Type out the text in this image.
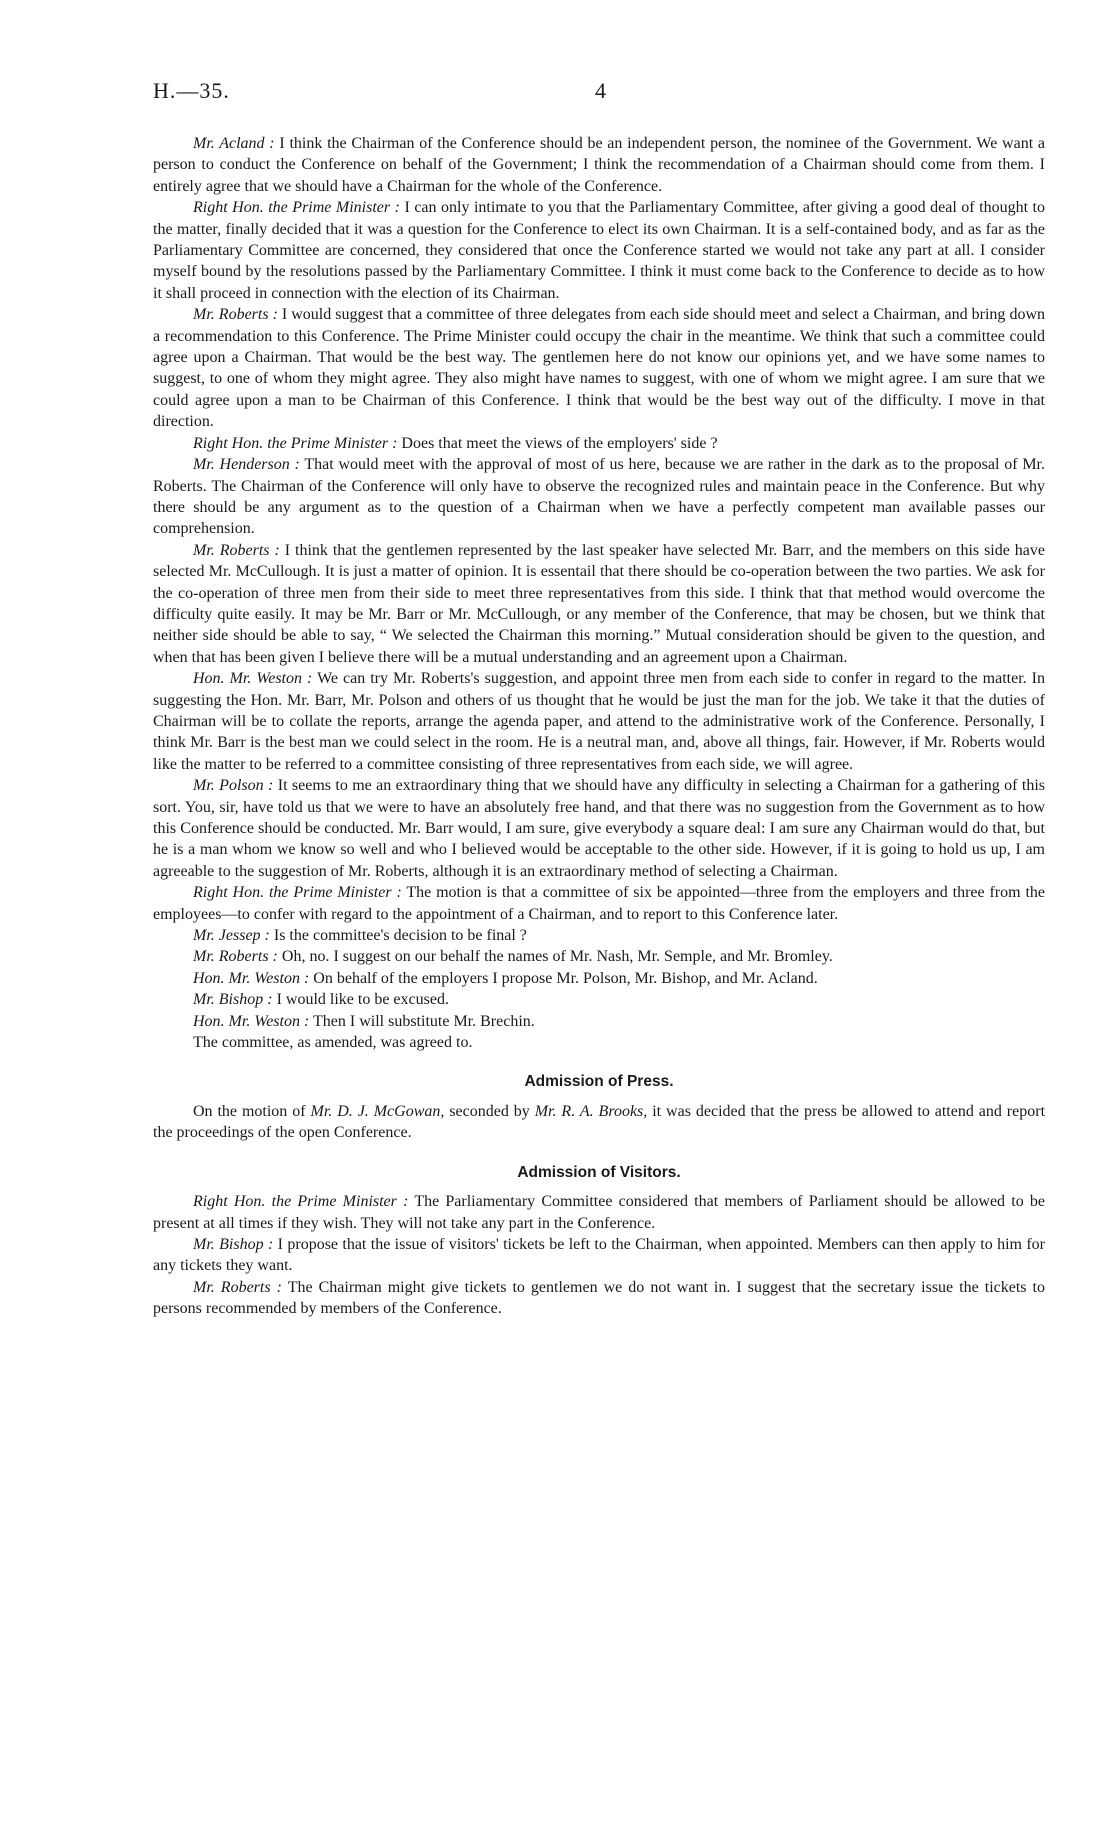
H.—35.	4

Mr. Acland : I think the Chairman of the Conference should be an independent person, the nominee of the Government. We want a person to conduct the Conference on behalf of the Government; I think the recommendation of a Chairman should come from them. I entirely agree that we should have a Chairman for the whole of the Conference.

Right Hon. the Prime Minister : I can only intimate to you that the Parliamentary Committee, after giving a good deal of thought to the matter, finally decided that it was a question for the Conference to elect its own Chairman. It is a self-contained body, and as far as the Parliamentary Committee are concerned, they considered that once the Conference started we would not take any part at all. I consider myself bound by the resolutions passed by the Parliamentary Committee. I think it must come back to the Conference to decide as to how it shall proceed in connection with the election of its Chairman.

Mr. Roberts : I would suggest that a committee of three delegates from each side should meet and select a Chairman, and bring down a recommendation to this Conference. The Prime Minister could occupy the chair in the meantime. We think that such a committee could agree upon a Chairman. That would be the best way. The gentlemen here do not know our opinions yet, and we have some names to suggest, to one of whom they might agree. They also might have names to suggest, with one of whom we might agree. I am sure that we could agree upon a man to be Chairman of this Conference. I think that would be the best way out of the difficulty. I move in that direction.

Right Hon. the Prime Minister : Does that meet the views of the employers' side ?

Mr. Henderson : That would meet with the approval of most of us here, because we are rather in the dark as to the proposal of Mr. Roberts. The Chairman of the Conference will only have to observe the recognized rules and maintain peace in the Conference. But why there should be any argument as to the question of a Chairman when we have a perfectly competent man available passes our comprehension.

Mr. Roberts : I think that the gentlemen represented by the last speaker have selected Mr. Barr, and the members on this side have selected Mr. McCullough. It is just a matter of opinion. It is essentail that there should be co-operation between the two parties. We ask for the co-operation of three men from their side to meet three representatives from this side. I think that that method would overcome the difficulty quite easily. It may be Mr. Barr or Mr. McCullough, or any member of the Conference, that may be chosen, but we think that neither side should be able to say, “ We selected the Chairman this morning.” Mutual consideration should be given to the question, and when that has been given I believe there will be a mutual understanding and an agreement upon a Chairman.

Hon. Mr. Weston : We can try Mr. Roberts's suggestion, and appoint three men from each side to confer in regard to the matter. In suggesting the Hon. Mr. Barr, Mr. Polson and others of us thought that he would be just the man for the job. We take it that the duties of Chairman will be to collate the reports, arrange the agenda paper, and attend to the administrative work of the Conference. Personally, I think Mr. Barr is the best man we could select in the room. He is a neutral man, and, above all things, fair. However, if Mr. Roberts would like the matter to be referred to a committee consisting of three representatives from each side, we will agree.

Mr. Polson : It seems to me an extraordinary thing that we should have any difficulty in selecting a Chairman for a gathering of this sort. You, sir, have told us that we were to have an absolutely free hand, and that there was no suggestion from the Government as to how this Conference should be conducted. Mr. Barr would, I am sure, give everybody a square deal: I am sure any Chairman would do that, but he is a man whom we know so well and who I believed would be acceptable to the other side. However, if it is going to hold us up, I am agreeable to the suggestion of Mr. Roberts, although it is an extraordinary method of selecting a Chairman.

Right Hon. the Prime Minister : The motion is that a committee of six be appointed—three from the employers and three from the employees—to confer with regard to the appointment of a Chairman, and to report to this Conference later.

Mr. Jessep : Is the committee's decision to be final ?

Mr. Roberts : Oh, no. I suggest on our behalf the names of Mr. Nash, Mr. Semple, and Mr. Bromley.

Hon. Mr. Weston : On behalf of the employers I propose Mr. Polson, Mr. Bishop, and Mr. Acland.

Mr. Bishop : I would like to be excused.

Hon. Mr. Weston : Then I will substitute Mr. Brechin.

The committee, as amended, was agreed to.

Admission of Press.

On the motion of Mr. D. J. McGowan, seconded by Mr. R. A. Brooks, it was decided that the press be allowed to attend and report the proceedings of the open Conference.

Admission of Visitors.

Right Hon. the Prime Minister : The Parliamentary Committee considered that members of Parliament should be allowed to be present at all times if they wish. They will not take any part in the Conference.

Mr. Bishop : I propose that the issue of visitors' tickets be left to the Chairman, when appointed. Members can then apply to him for any tickets they want.

Mr. Roberts : The Chairman might give tickets to gentlemen we do not want in. I suggest that the secretary issue the tickets to persons recommended by members of the Conference.
